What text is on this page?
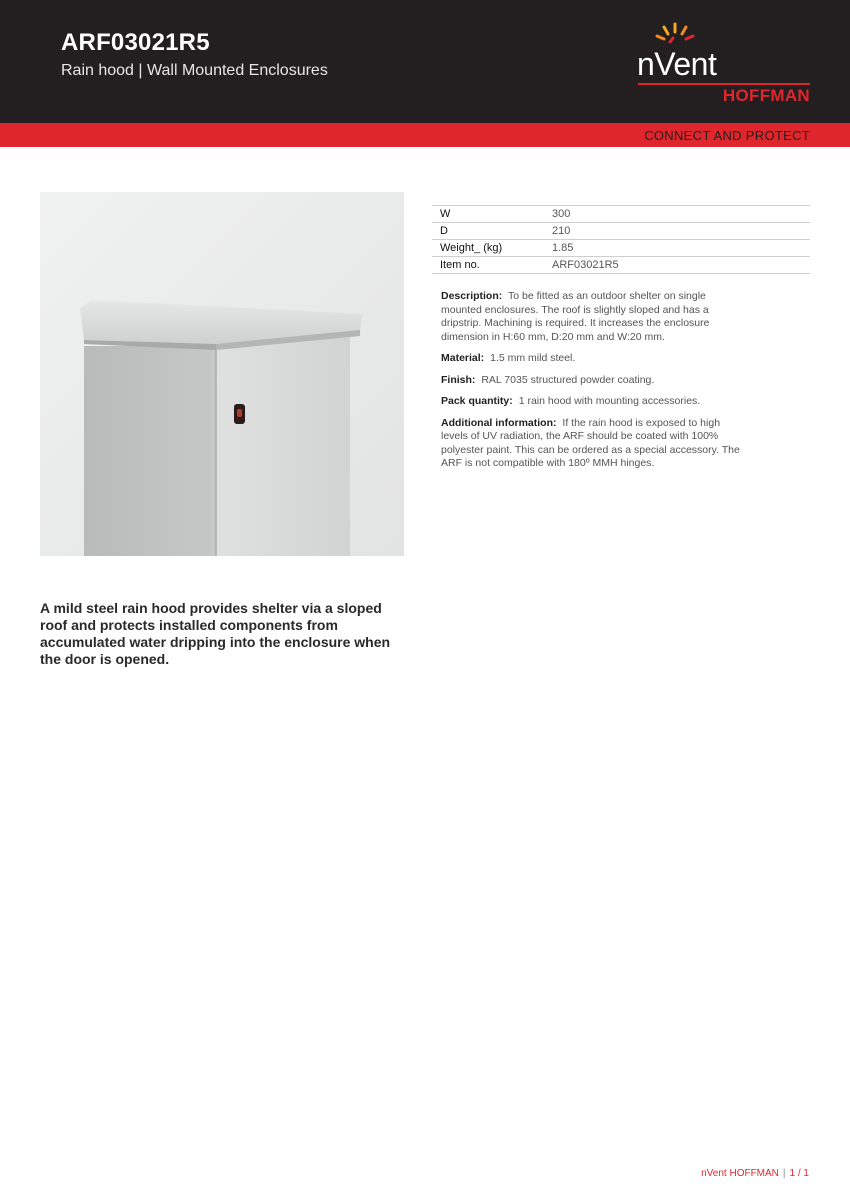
ARF03021R5
Rain hood | Wall Mounted Enclosures	nVent
HOFFMAN
CONNECT AND PROTECT
W	300
D	210
Weight_ (kg)	1.85
Item no.	ARF03021R5

Description: To be fitted as an outdoor shelter on single mounted enclosures. The roof is slightly sloped and has a dripstrip. Machining is required. It increases the enclosure dimension in H:60 mm, D:20 mm and W:20 mm.

Material: 1.5 mm mild steel.

Finish: RAL 7035 structured powder coating.

Pack quantity: 1 rain hood with mounting accessories.

Additional information: If the rain hood is exposed to high levels of UV radiation, the ARF should be coated with 100% polyester paint. This can be ordered as a special accessory. The ARF is not compatible with 180º MMH hinges.

A mild steel rain hood provides shelter via a sloped roof and protects installed components from accumulated water dripping into the enclosure when the door is opened.
nVent HOFFMAN | 1 / 1
